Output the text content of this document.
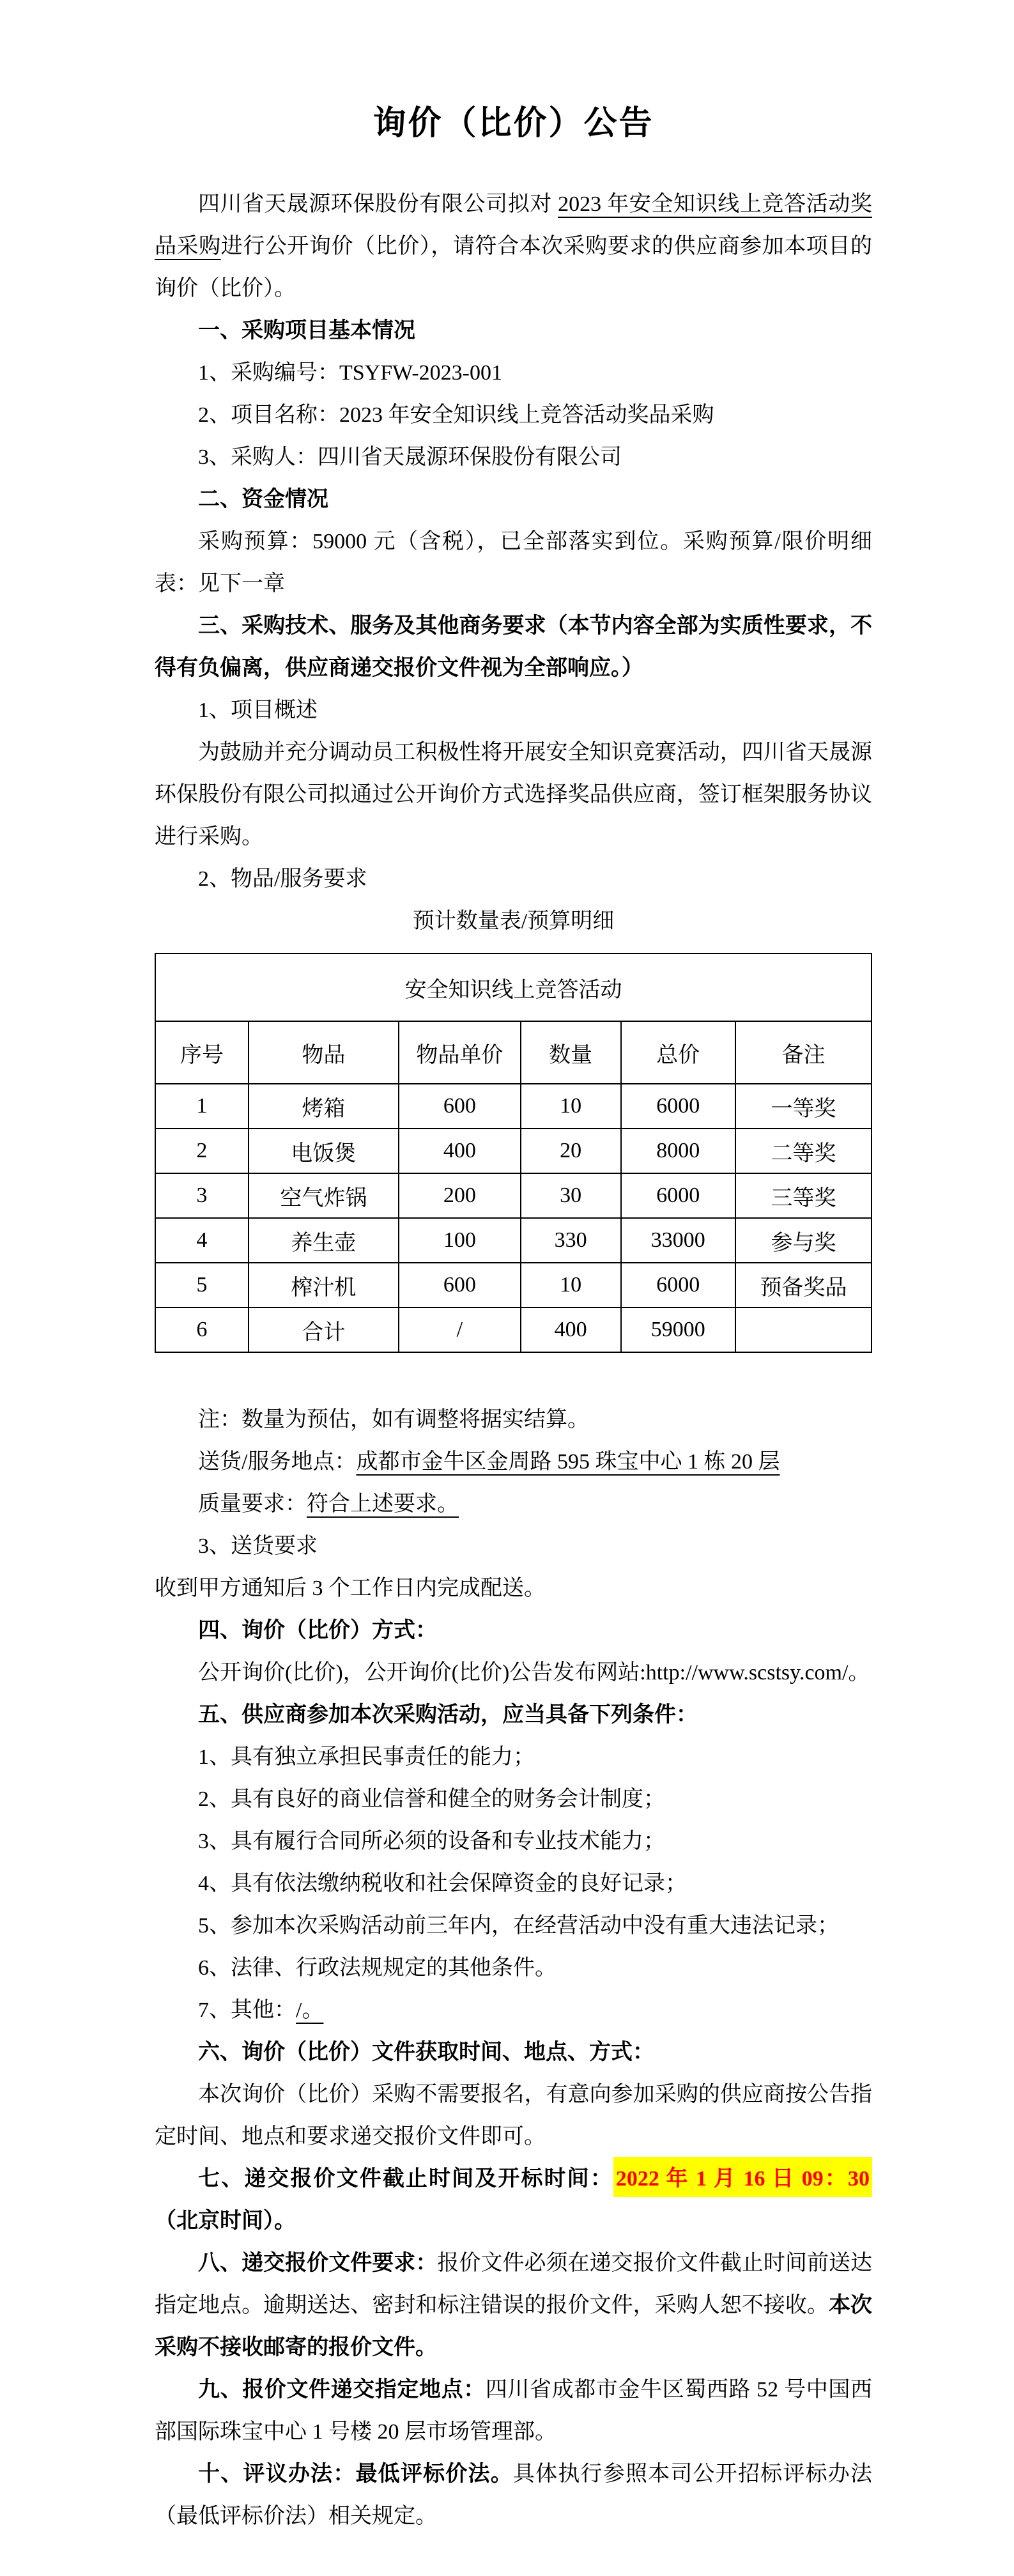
询价（比价）公告

四川省天晟源环保股份有限公司拟对 2023 年安全知识线上竞答活动奖品采购进行公开询价（比价），请符合本次采购要求的供应商参加本项目的询价（比价）。

一、采购项目基本情况

1、采购编号：TSYFW-2023-001

2、项目名称：2023 年安全知识线上竞答活动奖品采购

3、采购人：四川省天晟源环保股份有限公司

二、资金情况

采购预算：59000 元（含税），已全部落实到位。采购预算/限价明细表：见下一章

三、采购技术、服务及其他商务要求（本节内容全部为实质性要求，不得有负偏离，供应商递交报价文件视为全部响应。）

1、项目概述

为鼓励并充分调动员工积极性将开展安全知识竞赛活动，四川省天晟源环保股份有限公司拟通过公开询价方式选择奖品供应商，签订框架服务协议进行采购。

2、物品/服务要求

预计数量表/预算明细

安全知识线上竞答活动					
序号	物品	物品单价	数量	总价	备注
1	烤箱	600	10	6000	一等奖
2	电饭煲	400	20	8000	二等奖
3	空气炸锅	200	30	6000	三等奖
4	养生壶	100	330	33000	参与奖
5	榨汁机	600	10	6000	预备奖品
6	合计	/	400	59000	

注：数量为预估，如有调整将据实结算。

送货/服务地点：成都市金牛区金周路 595 珠宝中心 1 栋 20 层

质量要求：符合上述要求。

3、送货要求

收到甲方通知后 3 个工作日内完成配送。

四、询价（比价）方式：

公开询价(比价)，公开询价(比价)公告发布网站:http://www.scstsy.com/。

五、供应商参加本次采购活动，应当具备下列条件：

1、具有独立承担民事责任的能力；

2、具有良好的商业信誉和健全的财务会计制度；

3、具有履行合同所必须的设备和专业技术能力；

4、具有依法缴纳税收和社会保障资金的良好记录；

5、参加本次采购活动前三年内，在经营活动中没有重大违法记录；

6、法律、行政法规规定的其他条件。

7、其他：/。

六、询价（比价）文件获取时间、地点、方式：

本次询价（比价）采购不需要报名，有意向参加采购的供应商按公告指定时间、地点和要求递交报价文件即可。

七、递交报价文件截止时间及开标时间： 2022 年 1 月 16 日 09：30（北京时间）。

八、递交报价文件要求：报价文件必须在递交报价文件截止时间前送达指定地点。逾期送达、密封和标注错误的报价文件，采购人恕不接收。本次采购不接收邮寄的报价文件。

九、报价文件递交指定地点：四川省成都市金牛区蜀西路 52 号中国西部国际珠宝中心 1 号楼 20 层市场管理部。

十、评议办法：最低评标价法。具体执行参照本司公开招标评标办法（最低评标价法）相关规定。
